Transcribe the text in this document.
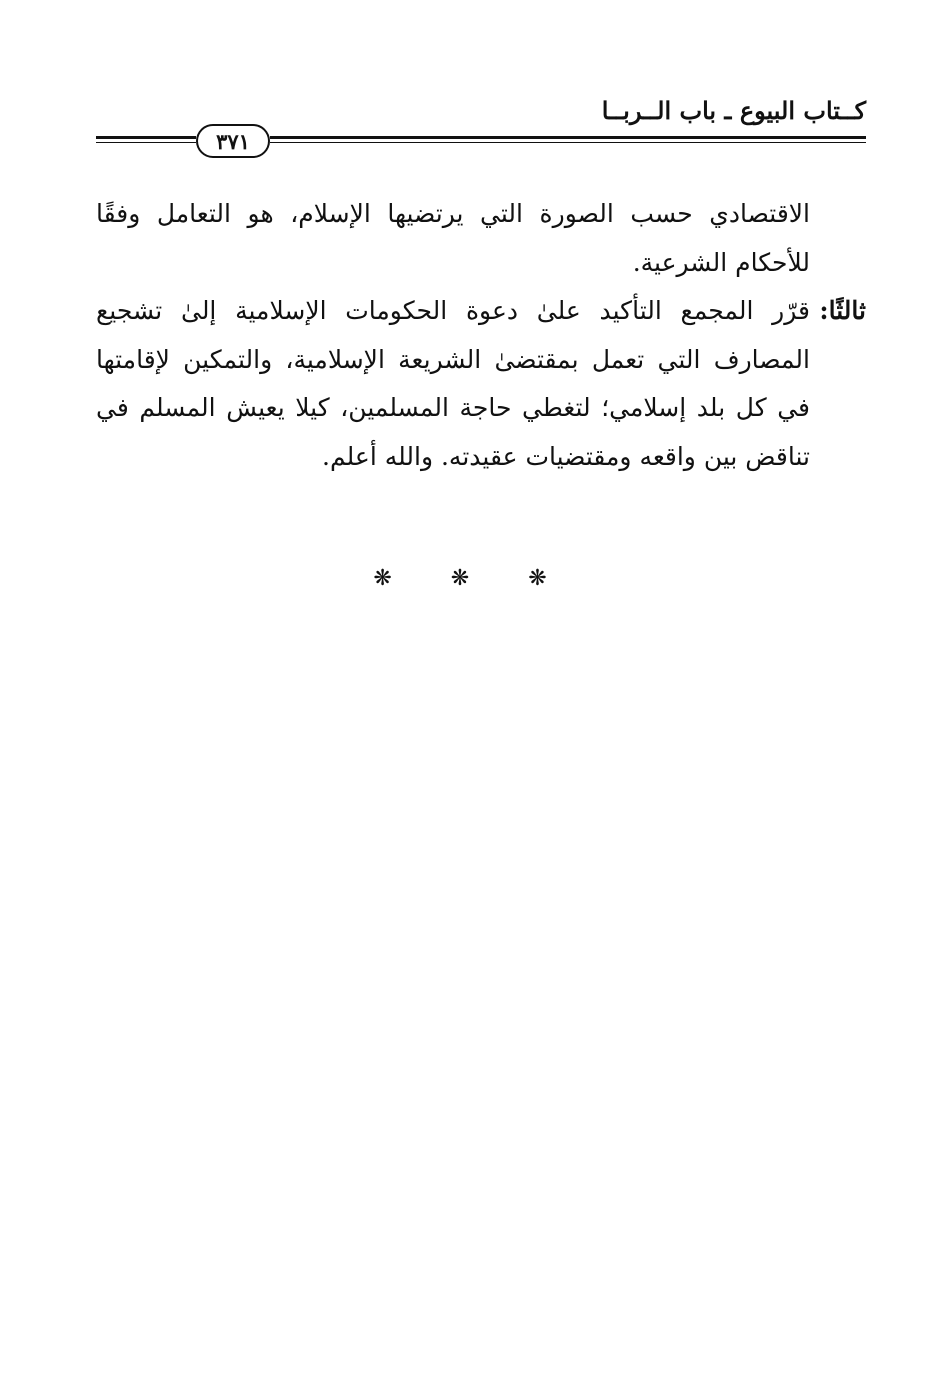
كــتاب البيوع ـ باب الــربــا
٣٧١

الاقتصادي حسب الصورة التي يرتضيها الإسلام، هو التعامل وفقًا للأحكام الشرعية.

ثالثًا:

قرّر المجمع التأكيد علىٰ دعوة الحكومات الإسلامية إلىٰ تشجيع المصارف التي تعمل بمقتضىٰ الشريعة الإسلامية، والتمكين لإقامتها في كل بلد إسلامي؛ لتغطي حاجة المسلمين، كيلا يعيش المسلم في تناقض بين واقعه ومقتضيات عقيدته. والله أعلم.

❋ ❋ ❋
